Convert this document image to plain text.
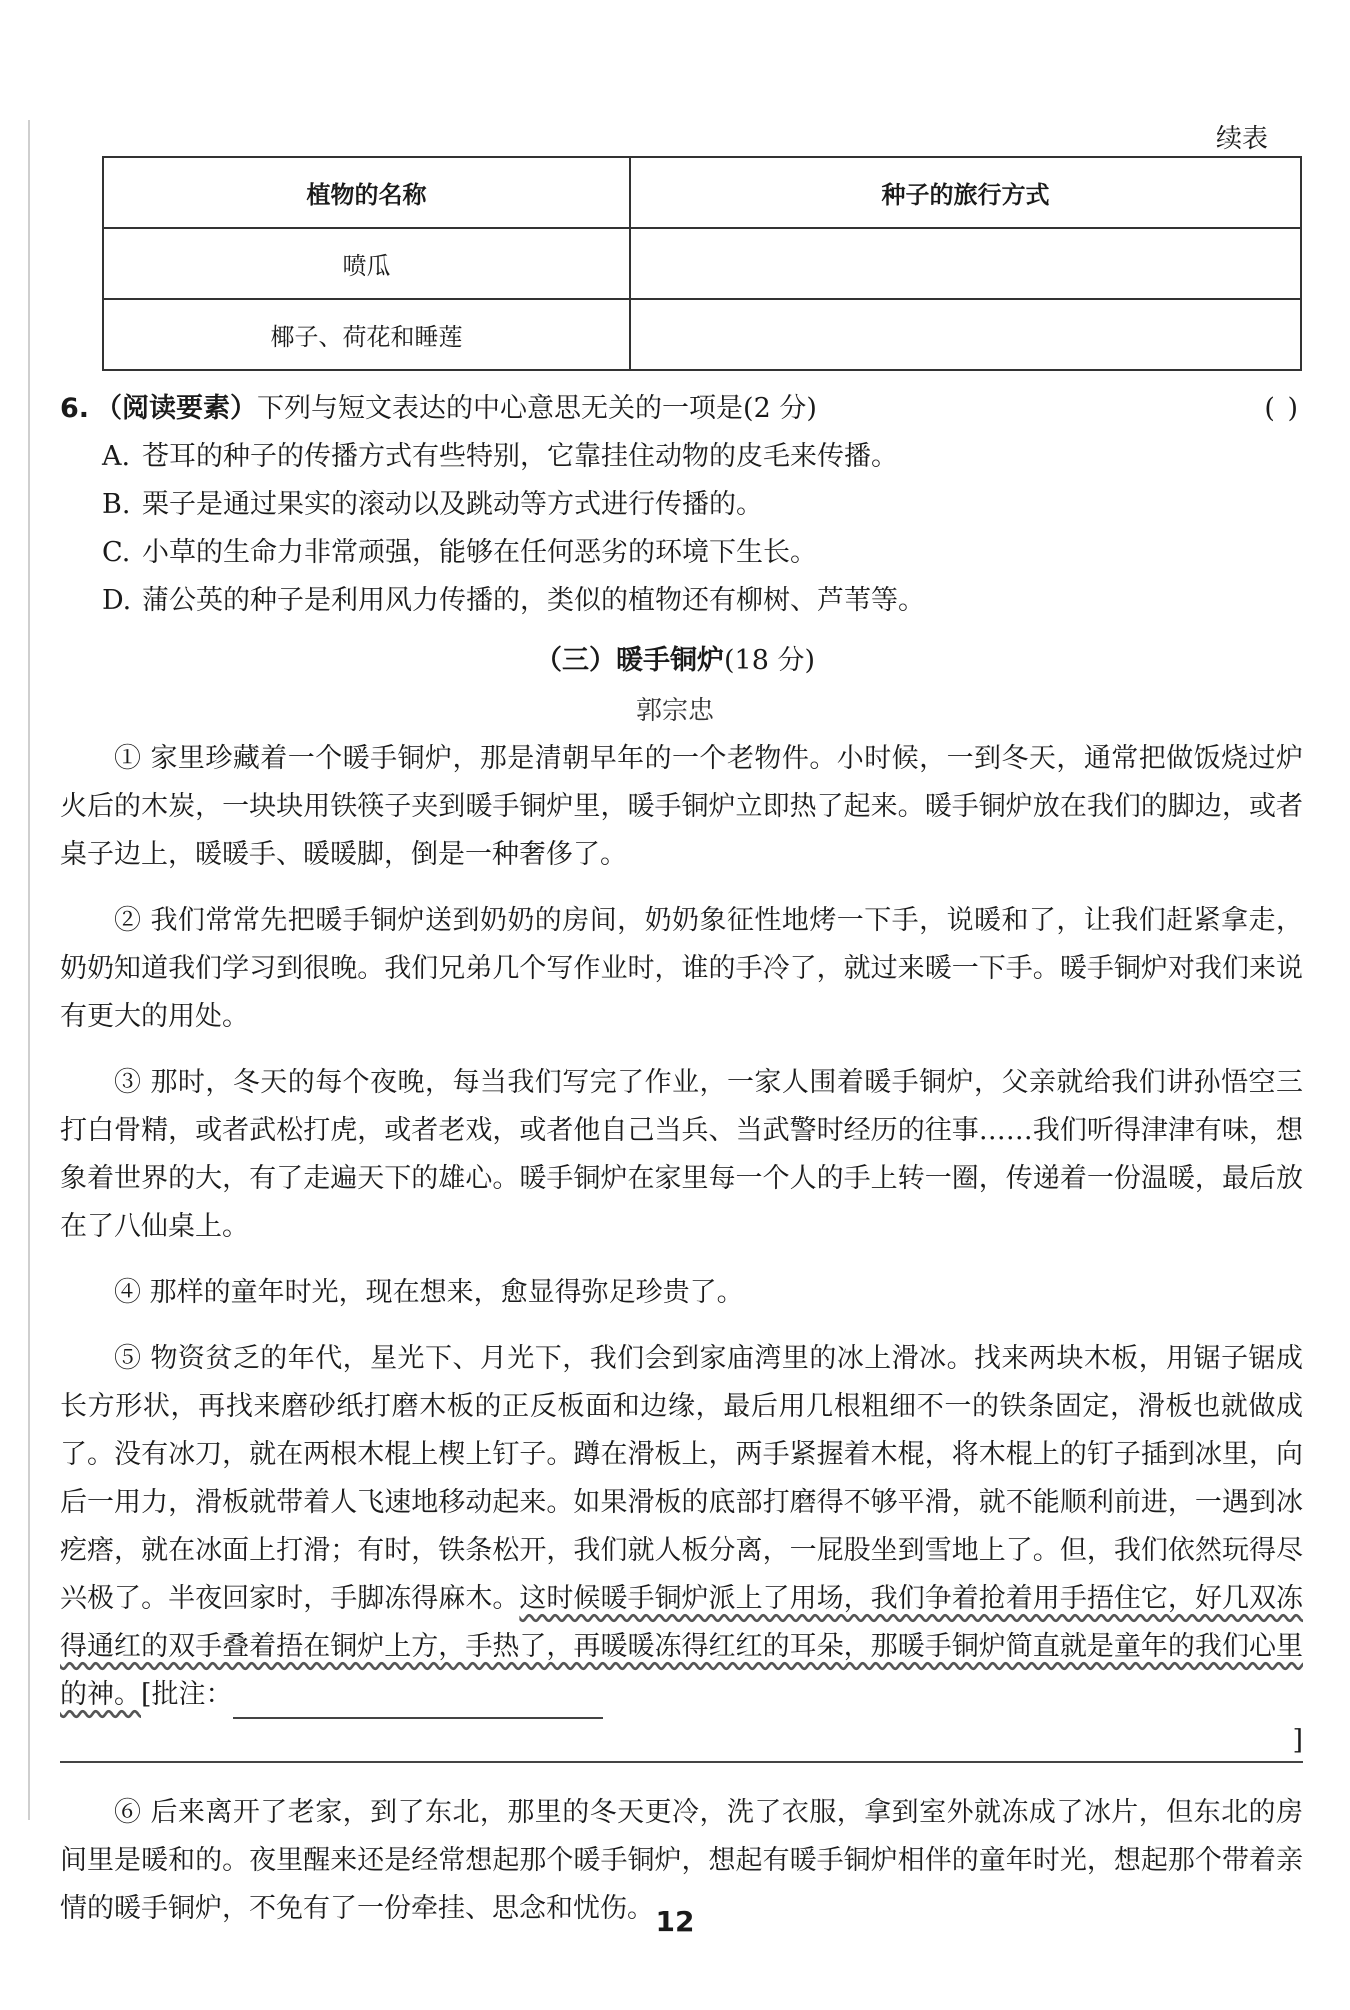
续表
植物的名称	种子的旅行方式
喷瓜	
椰子、荷花和睡莲	
6. （阅读要素）下列与短文表达的中心意思无关的一项是(2 分)	( )
A. 苍耳的种子的传播方式有些特别，它靠挂住动物的皮毛来传播。
B. 栗子是通过果实的滚动以及跳动等方式进行传播的。
C. 小草的生命力非常顽强，能够在任何恶劣的环境下生长。
D. 蒲公英的种子是利用风力传播的，类似的植物还有柳树、芦苇等。
（三）暖手铜炉(18 分)
郭宗忠

① 家里珍藏着一个暖手铜炉，那是清朝早年的一个老物件。小时候，一到冬天，通常把做饭烧过炉火后的木炭，一块块用铁筷子夹到暖手铜炉里，暖手铜炉立即热了起来。暖手铜炉放在我们的脚边，或者桌子边上，暖暖手、暖暖脚，倒是一种奢侈了。

② 我们常常先把暖手铜炉送到奶奶的房间，奶奶象征性地烤一下手，说暖和了，让我们赶紧拿走，奶奶知道我们学习到很晚。我们兄弟几个写作业时，谁的手冷了，就过来暖一下手。暖手铜炉对我们来说有更大的用处。

③ 那时，冬天的每个夜晚，每当我们写完了作业，一家人围着暖手铜炉，父亲就给我们讲孙悟空三打白骨精，或者武松打虎，或者老戏，或者他自己当兵、当武警时经历的往事……我们听得津津有味，想象着世界的大，有了走遍天下的雄心。暖手铜炉在家里每一个人的手上转一圈，传递着一份温暖，最后放在了八仙桌上。

④ 那样的童年时光，现在想来，愈显得弥足珍贵了。

⑤ 物资贫乏的年代，星光下、月光下，我们会到家庙湾里的冰上滑冰。找来两块木板，用锯子锯成长方形状，再找来磨砂纸打磨木板的正反板面和边缘，最后用几根粗细不一的铁条固定，滑板也就做成了。没有冰刀，就在两根木棍上楔上钉子。蹲在滑板上，两手紧握着木棍，将木棍上的钉子插到冰里，向后一用力，滑板就带着人飞速地移动起来。如果滑板的底部打磨得不够平滑，就不能顺利前进，一遇到冰疙瘩，就在冰面上打滑；有时，铁条松开，我们就人板分离，一屁股坐到雪地上了。但，我们依然玩得尽兴极了。半夜回家时，手脚冻得麻木。这时候暖手铜炉派上了用场，我们争着抢着用手捂住它，好几双冻得通红的双手叠着捂在铜炉上方，手热了，再暖暖冻得红红的耳朵，那暖手铜炉简直就是童年的我们心里的神。[批注：

]

⑥ 后来离开了老家，到了东北，那里的冬天更冷，洗了衣服，拿到室外就冻成了冰片，但东北的房间里是暖和的。夜里醒来还是经常想起那个暖手铜炉，想起有暖手铜炉相伴的童年时光，想起那个带着亲情的暖手铜炉，不免有了一份牵挂、思念和忧伤。 12
